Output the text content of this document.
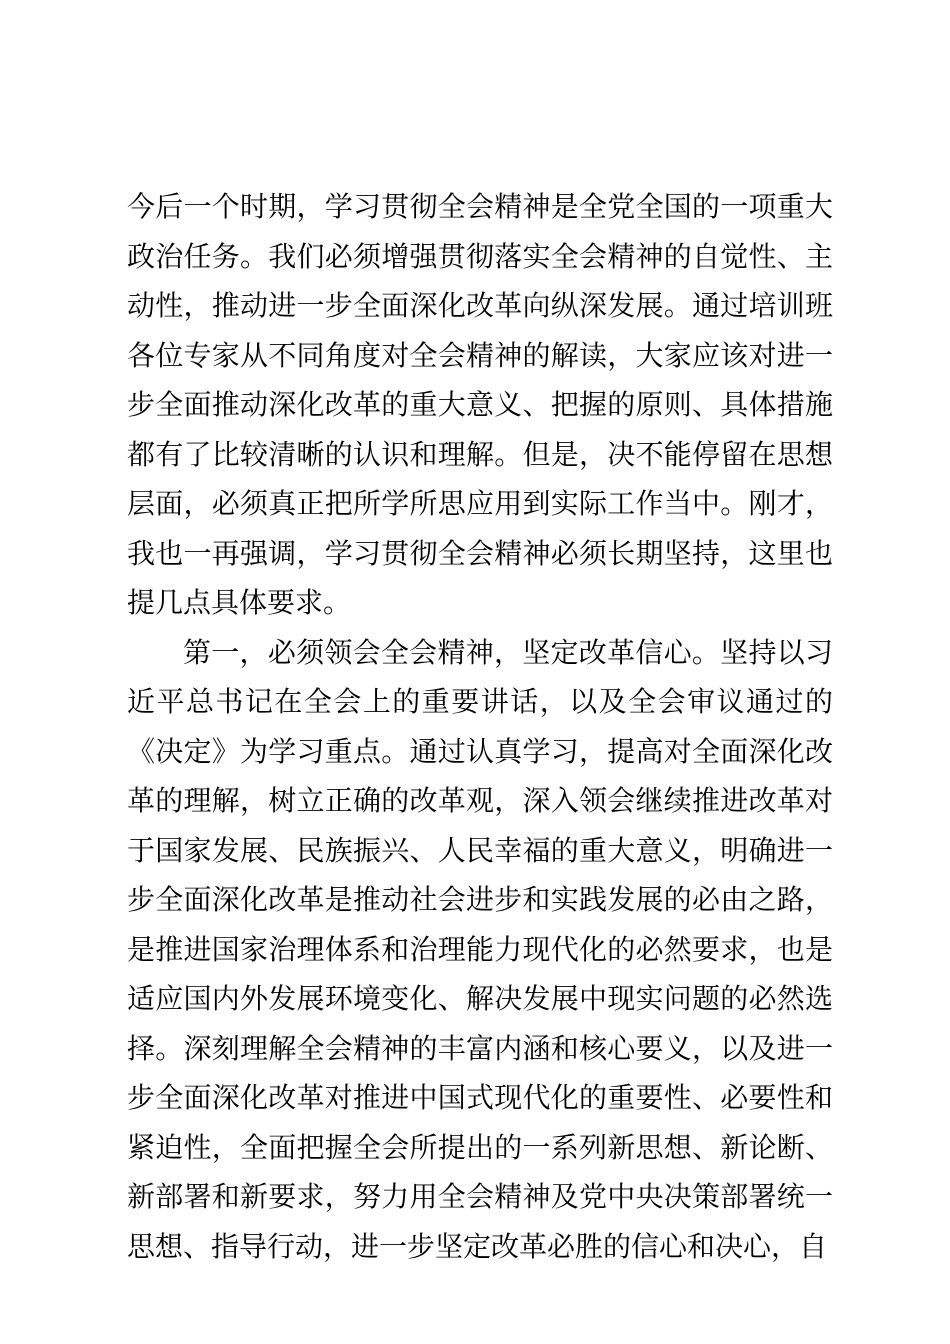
今后一个时期，学习贯彻全会精神是全党全国的一项重大政治任务。我们必须增强贯彻落实全会精神的自觉性、主动性，推动进一步全面深化改革向纵深发展。通过培训班各位专家从不同角度对全会精神的解读，大家应该对进一步全面推动深化改革的重大意义、把握的原则、具体措施都有了比较清晰的认识和理解。但是，决不能停留在思想层面，必须真正把所学所思应用到实际工作当中。刚才，我也一再强调，学习贯彻全会精神必须长期坚持，这里也提几点具体要求。

第一，必须领会全会精神，坚定改革信心。坚持以习近平总书记在全会上的重要讲话，以及全会审议通过的《决定》为学习重点。通过认真学习，提高对全面深化改革的理解，树立正确的改革观，深入领会继续推进改革对于国家发展、民族振兴、人民幸福的重大意义，明确进一步全面深化改革是推动社会进步和实践发展的必由之路，是推进国家治理体系和治理能力现代化的必然要求，也是适应国内外发展环境变化、解决发展中现实问题的必然选择。深刻理解全会精神的丰富内涵和核心要义，以及进一步全面深化改革对推进中国式现代化的重要性、必要性和紧迫性，全面把握全会所提出的一系列新思想、新论断、新部署和新要求，努力用全会精神及党中央决策部署统一思想、指导行动，进一步坚定改革必胜的信心和决心，自
